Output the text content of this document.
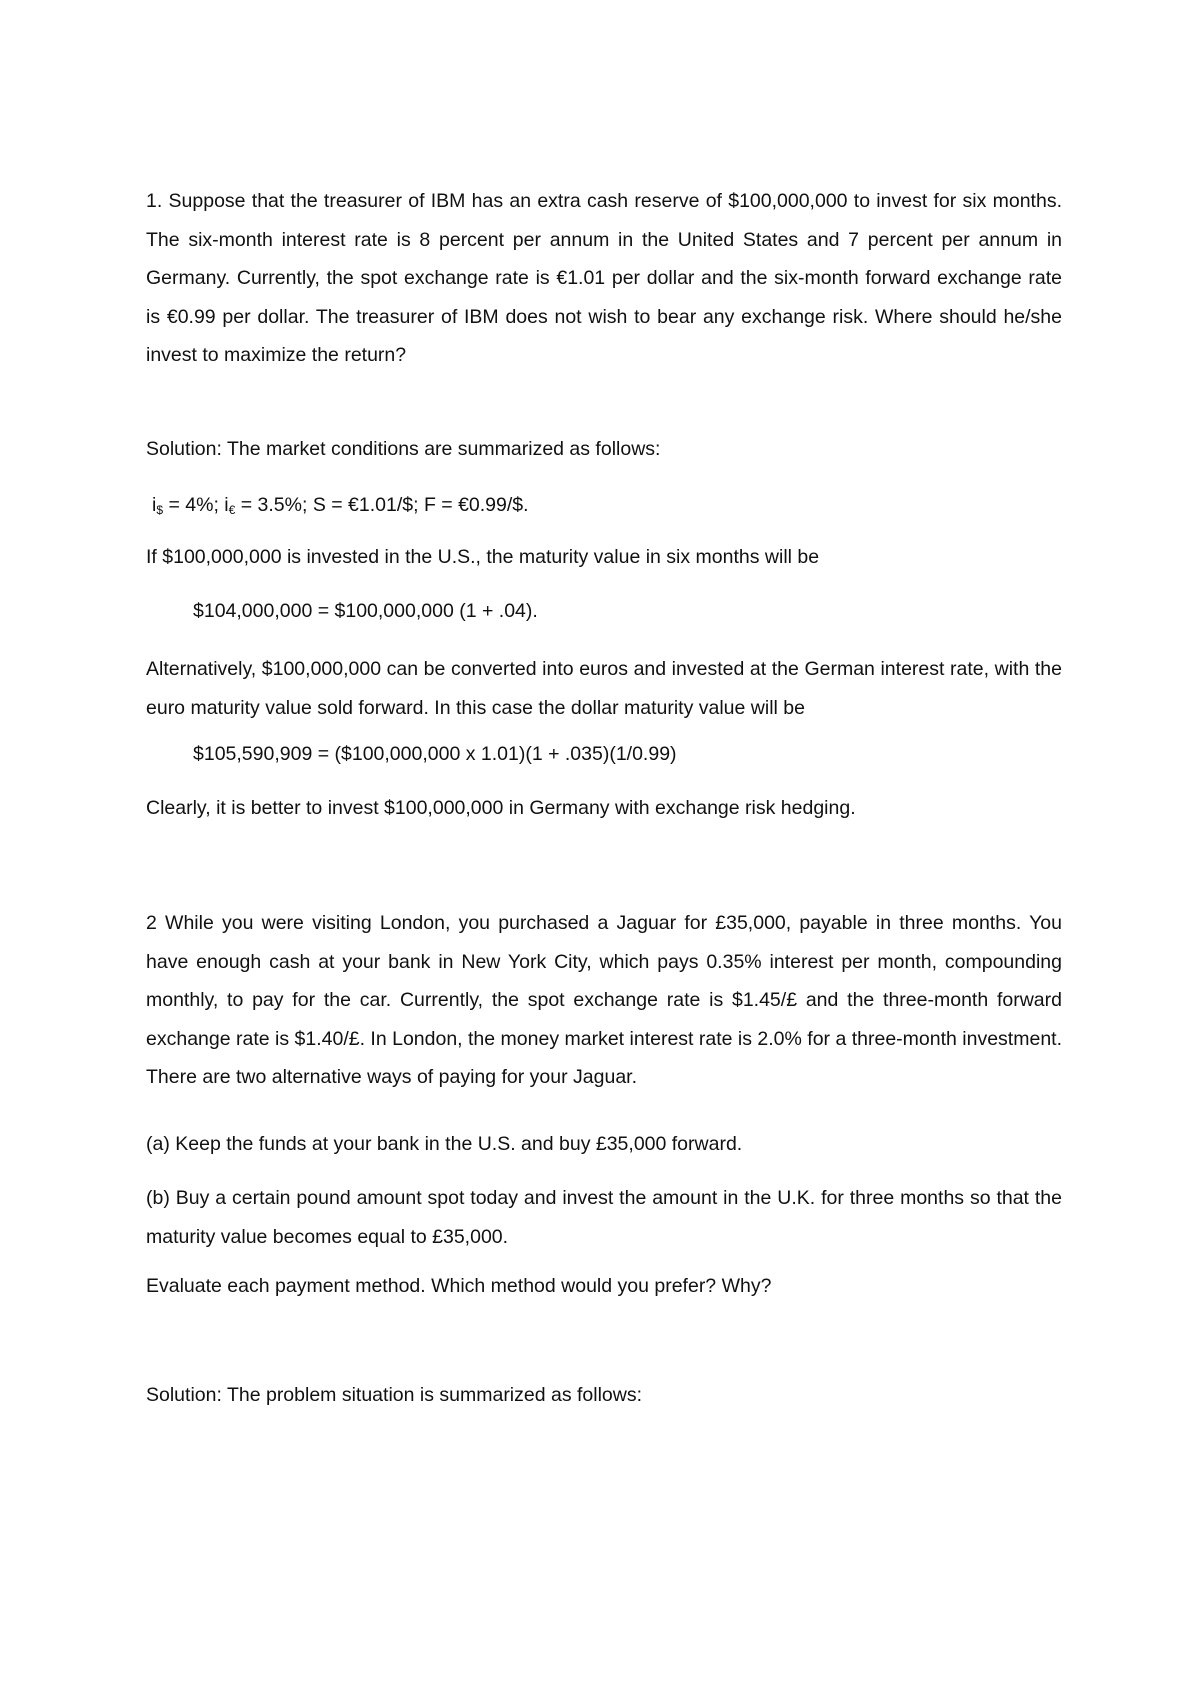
1. Suppose that the treasurer of IBM has an extra cash reserve of $100,000,000 to invest for six months. The six-month interest rate is 8 percent per annum in the United States and 7 percent per annum in Germany. Currently, the spot exchange rate is €1.01 per dollar and the six-month forward exchange rate is €0.99 per dollar. The treasurer of IBM does not wish to bear any exchange risk. Where should he/she invest to maximize the return?

Solution: The market conditions are summarized as follows:
$i_{\$} = 4\%$; $i_€ = 3.5\%$; S = €1.01/$; F = €0.99/$.
If $100,000,000 is invested in the U.S., the maturity value in six months will be
$104,000,000 = $100,000,000 (1 + .04).

Alternatively, $100,000,000 can be converted into euros and invested at the German interest rate, with the euro maturity value sold forward. In this case the dollar maturity value will be

$105,590,909 = ($100,000,000 x 1.01)(1 + .035)(1/0.99)
Clearly, it is better to invest $100,000,000 in Germany with exchange risk hedging.

2 While you were visiting London, you purchased a Jaguar for £35,000, payable in three months. You have enough cash at your bank in New York City, which pays 0.35% interest per month, compounding monthly, to pay for the car. Currently, the spot exchange rate is $1.45/£ and the three-month forward exchange rate is $1.40/£. In London, the money market interest rate is 2.0% for a three-month investment. There are two alternative ways of paying for your Jaguar.

(a) Keep the funds at your bank in the U.S. and buy £35,000 forward.

(b) Buy a certain pound amount spot today and invest the amount in the U.K. for three months so that the maturity value becomes equal to £35,000.

Evaluate each payment method. Which method would you prefer? Why?
Solution: The problem situation is summarized as follows:
